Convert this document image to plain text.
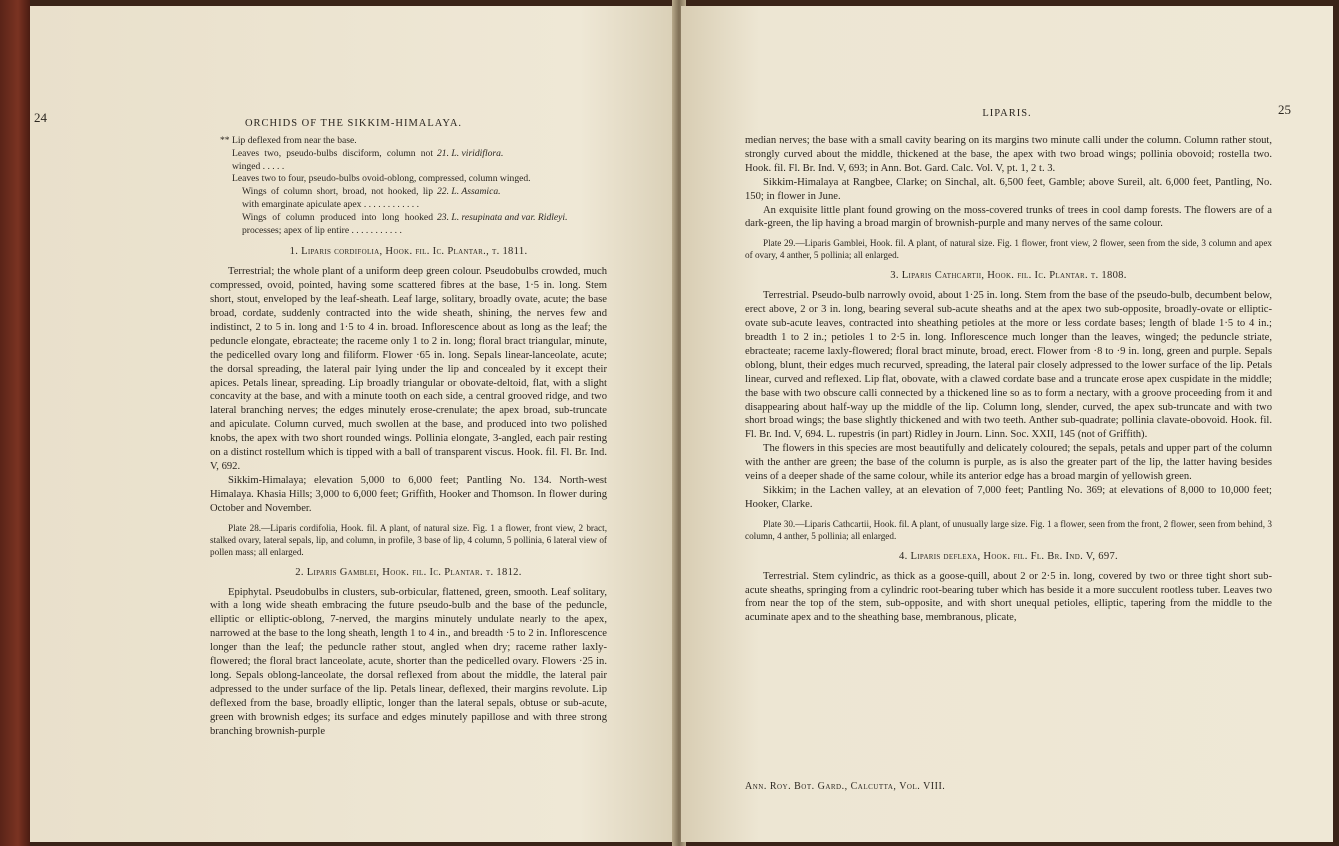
24	ORCHIDS OF THE SIKKIM-HIMALAYA.
** Lip deflexed from near the base.
Leaves two, pseudo-bulbs disciform, column not winged . . . . .
21. L. viridiflora.
Leaves two to four, pseudo-bulbs ovoid-oblong, compressed, column winged.
Wings of column short, broad, not hooked, lip with emarginate apiculate apex . . . . . . . . . . . .
22. L. Assamica.
Wings of column produced into long hooked processes; apex of lip entire . . . . . . . . . . .
23. L. resupinata and var. Ridleyi.
1. Liparis cordifolia, Hook. fil. Ic. Plantar., t. 1811.

Terrestrial; the whole plant of a uniform deep green colour. Pseudobulbs crowded, much compressed, ovoid, pointed, having some scattered fibres at the base, 1·5 in. long. Stem short, stout, enveloped by the leaf-sheath. Leaf large, solitary, broadly ovate, acute; the base broad, cordate, suddenly contracted into the wide sheath, shining, the nerves few and indistinct, 2 to 5 in. long and 1·5 to 4 in. broad. Inflorescence about as long as the leaf; the peduncle elongate, ebracteate; the raceme only 1 to 2 in. long; floral bract triangular, minute, the pedicelled ovary long and filiform. Flower ·65 in. long. Sepals linear-lanceolate, acute; the dorsal spreading, the lateral pair lying under the lip and concealed by it except their apices. Petals linear, spreading. Lip broadly triangular or obovate-deltoid, flat, with a slight concavity at the base, and with a minute tooth on each side, a central grooved ridge, and two lateral branching nerves; the edges minutely erose-crenulate; the apex broad, sub-truncate and apiculate. Column curved, much swollen at the base, and produced into two polished knobs, the apex with two short rounded wings. Pollinia elongate, 3-angled, each pair resting on a distinct rostellum which is tipped with a ball of transparent viscus. Hook. fil. Fl. Br. Ind. V, 692.

Sikkim-Himalaya; elevation 5,000 to 6,000 feet; Pantling No. 134. North-west Himalaya. Khasia Hills; 3,000 to 6,000 feet; Griffith, Hooker and Thomson. In flower during October and November.

Plate 28.—Liparis cordifolia, Hook. fil. A plant, of natural size. Fig. 1 a flower, front view, 2 bract, stalked ovary, lateral sepals, lip, and column, in profile, 3 base of lip, 4 column, 5 pollinia, 6 lateral view of pollen mass; all enlarged.
2. Liparis Gamblei, Hook. fil. Ic. Plantar. t. 1812.

Epiphytal. Pseudobulbs in clusters, sub-orbicular, flattened, green, smooth. Leaf solitary, with a long wide sheath embracing the future pseudo-bulb and the base of the peduncle, elliptic or elliptic-oblong, 7-nerved, the margins minutely undulate nearly to the apex, narrowed at the base to the long sheath, length 1 to 4 in., and breadth ·5 to 2 in. Inflorescence longer than the leaf; the peduncle rather stout, angled when dry; raceme rather laxly-flowered; the floral bract lanceolate, acute, shorter than the pedicelled ovary. Flowers ·25 in. long. Sepals oblong-lanceolate, the dorsal reflexed from about the middle, the lateral pair adpressed to the under surface of the lip. Petals linear, deflexed, their margins revolute. Lip deflexed from the base, broadly elliptic, longer than the lateral sepals, obtuse or sub-acute, green with brownish edges; its surface and edges minutely papillose and with three strong branching brownish-purple

25
LIPARIS.

median nerves; the base with a small cavity bearing on its margins two minute calli under the column. Column rather stout, strongly curved about the middle, thickened at the base, the apex with two broad wings; pollinia obovoid; rostella two. Hook. fil. Fl. Br. Ind. V, 693; in Ann. Bot. Gard. Calc. Vol. V, pt. 1, 2 t. 3.

Sikkim-Himalaya at Rangbee, Clarke; on Sinchal, alt. 6,500 feet, Gamble; above Sureil, alt. 6,000 feet, Pantling, No. 150; in flower in June.

An exquisite little plant found growing on the moss-covered trunks of trees in cool damp forests. The flowers are of a dark-green, the lip having a broad margin of brownish-purple and many nerves of the same colour.

Plate 29.—Liparis Gamblei, Hook. fil. A plant, of natural size. Fig. 1 flower, front view, 2 flower, seen from the side, 3 column and apex of ovary, 4 anther, 5 pollinia; all enlarged.
3. Liparis Cathcartii, Hook. fil. Ic. Plantar. t. 1808.

Terrestrial. Pseudo-bulb narrowly ovoid, about 1·25 in. long. Stem from the base of the pseudo-bulb, decumbent below, erect above, 2 or 3 in. long, bearing several sub-acute sheaths and at the apex two sub-opposite, broadly-ovate or elliptic-ovate sub-acute leaves, contracted into sheathing petioles at the more or less cordate bases; length of blade 1·5 to 4 in.; breadth 1 to 2 in.; petioles 1 to 2·5 in. long. Inflorescence much longer than the leaves, winged; the peduncle striate, ebracteate; raceme laxly-flowered; floral bract minute, broad, erect. Flower from ·8 to ·9 in. long, green and purple. Sepals oblong, blunt, their edges much recurved, spreading, the lateral pair closely adpressed to the lower surface of the lip. Petals linear, curved and reflexed. Lip flat, obovate, with a clawed cordate base and a truncate erose apex cuspidate in the middle; the base with two obscure calli connected by a thickened line so as to form a nectary, with a groove proceeding from it and disappearing about half-way up the middle of the lip. Column long, slender, curved, the apex sub-truncate and with two short broad wings; the base slightly thickened and with two teeth. Anther sub-quadrate; pollinia clavate-obovoid. Hook. fil. Fl. Br. Ind. V, 694. L. rupestris (in part) Ridley in Journ. Linn. Soc. XXII, 145 (not of Griffith).

The flowers in this species are most beautifully and delicately coloured; the sepals, petals and upper part of the column with the anther are green; the base of the column is purple, as is also the greater part of the lip, the latter having besides veins of a deeper shade of the same colour, while its anterior edge has a broad margin of yellowish green.

Sikkim; in the Lachen valley, at an elevation of 7,000 feet; Pantling No. 369; at elevations of 8,000 to 10,000 feet; Hooker, Clarke.

Plate 30.—Liparis Cathcartii, Hook. fil. A plant, of unusually large size. Fig. 1 a flower, seen from the front, 2 flower, seen from behind, 3 column, 4 anther, 5 pollinia; all enlarged.
4. Liparis deflexa, Hook. fil. Fl. Br. Ind. V, 697.

Terrestrial. Stem cylindric, as thick as a goose-quill, about 2 or 2·5 in. long, covered by two or three tight short sub-acute sheaths, springing from a cylindric root-bearing tuber which has beside it a more succulent rootless tuber. Leaves two from near the top of the stem, sub-opposite, and with short unequal petioles, elliptic, tapering from the middle to the acuminate apex and to the sheathing base, membranous, plicate,

Ann. Roy. Bot. Gard., Calcutta, Vol. VIII.
